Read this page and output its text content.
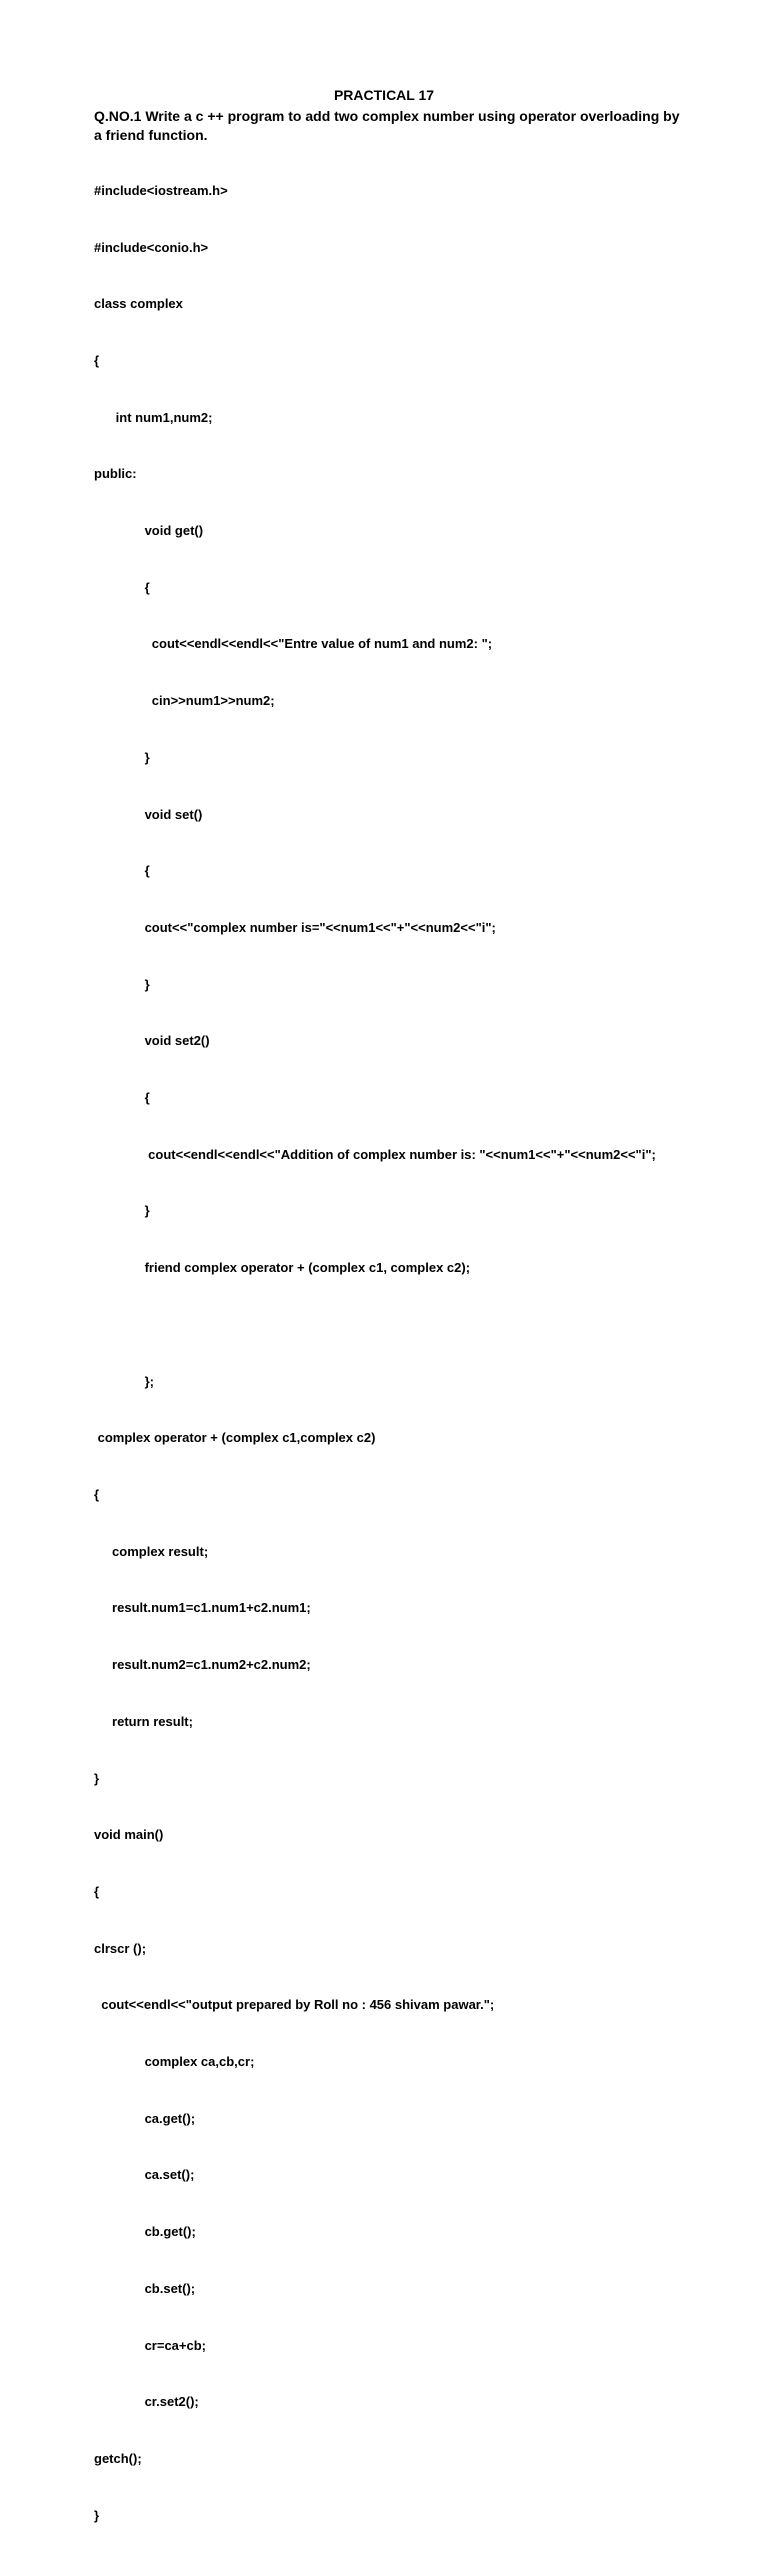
PRACTICAL 17
Q.NO.1 Write a c ++ program to add two complex number using operator overloading by a friend function.

#include<iostream.h>

#include<conio.h>

class complex

{

int num1,num2;

public:

void get()

{

cout<<endl<<endl<<"Entre value of num1 and num2: ";

cin>>num1>>num2;

}

void set()

{

cout<<"complex number is="<<num1<<"+"<<num2<<"i";

}

void set2()

{

cout<<endl<<endl<<"Addition of complex number is: "<<num1<<"+"<<num2<<"i";

}

friend complex operator + (complex c1, complex c2);

};

complex operator + (complex c1,complex c2)

{

complex result;

result.num1=c1.num1+c2.num1;

result.num2=c1.num2+c2.num2;

return result;

}

void main()

{

clrscr ();

cout<<endl<<"output prepared by Roll no : 456 shivam pawar.";

complex ca,cb,cr;

ca.get();

ca.set();

cb.get();

cb.set();

cr=ca+cb;

cr.set2();

getch();

}
